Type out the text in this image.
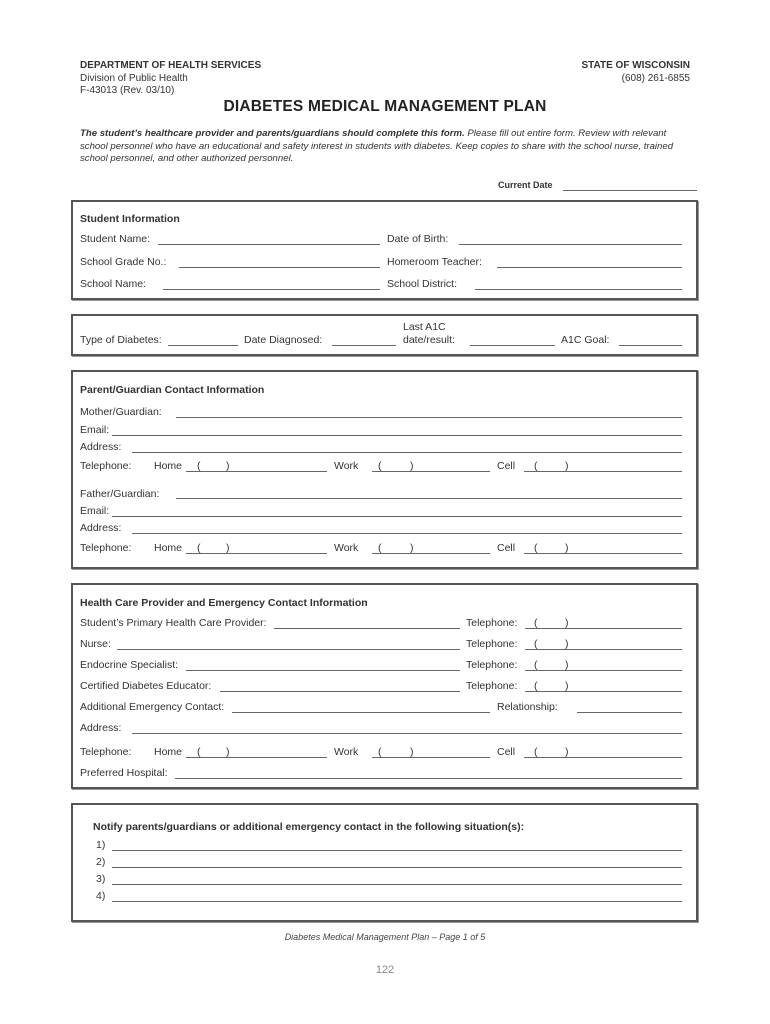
DEPARTMENT OF HEALTH SERVICES
Division of Public Health
F-43013 (Rev. 03/10)
STATE OF WISCONSIN
(608) 261-6855
DIABETES MEDICAL MANAGEMENT PLAN
The student’s healthcare provider and parents/guardians should complete this form. Please fill out entire form. Review with relevant school personnel who have an educational and safety interest in students with diabetes. Keep copies to share with the school nurse, trained school personnel, and other authorized personnel.
Current Date
Student Information
Student Name:	Date of Birth:
School Grade No.:	Homeroom Teacher:
School Name:	School District:
Type of Diabetes:	Date Diagnosed:
Last A1C
date/result:	A1C Goal:
Parent/Guardian Contact Information
Mother/Guardian:
Email:
Address:
Telephone: Home ( )	Work (	)	Cell (	)
Father/Guardian:
Email:
Address:
Telephone: Home ( )	Work (	)	Cell (	)
Health Care Provider and Emergency Contact Information
Student’s Primary Health Care Provider:	Telephone: (	)
Nurse:	Telephone: (	)
Endocrine Specialist:	Telephone: (	)
Certified Diabetes Educator:	Telephone: (	)
Additional Emergency Contact:	Relationship:
Address:
Telephone: Home ( )	Work (	)	Cell (	)
Preferred Hospital:
Notify parents/guardians or additional emergency contact in the following situation(s):
1)
2)
3)
4)
Diabetes Medical Management Plan – Page 1 of 5
122
